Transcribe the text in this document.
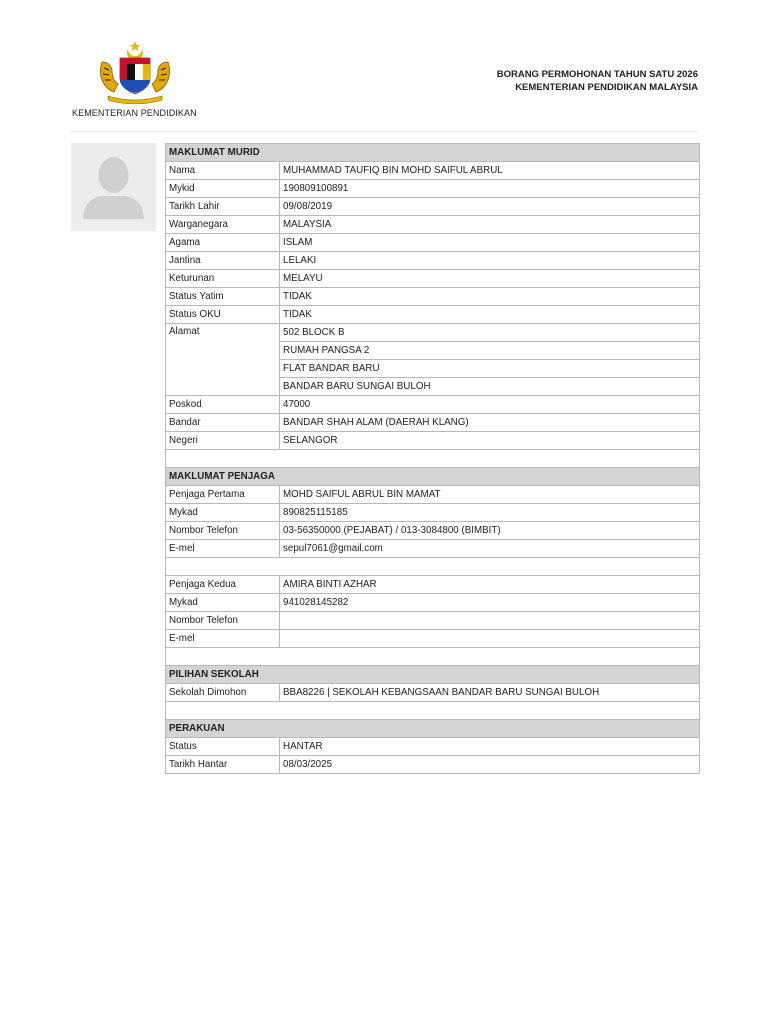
KEMENTERIAN PENDIDIKAN
BORANG PERMOHONAN TAHUN SATU 2026
KEMENTERIAN PENDIDIKAN MALAYSIA
MAKLUMAT MURID	
Nama	MUHAMMAD TAUFIQ BIN MOHD SAIFUL ABRUL
Mykid	190809100891
Tarikh Lahir	09/08/2019
Warganegara	MALAYSIA
Agama	ISLAM
Jantina	LELAKI
Keturunan	MELAYU
Status Yatim	TIDAK
Status OKU	TIDAK
Alamat	502 BLOCK B
	RUMAH PANGSA 2
	FLAT BANDAR BARU
	BANDAR BARU SUNGAI BULOH
Poskod	47000
Bandar	BANDAR SHAH ALAM (DAERAH KLANG)
Negeri	SELANGOR

MAKLUMAT PENJAGA	
Penjaga Pertama	MOHD SAIFUL ABRUL BIN MAMAT
Mykad	890825115185
Nombor Telefon	03-56350000 (PEJABAT) / 013-3084800 (BIMBIT)
E-mel	sepul7061@gmail.com

Penjaga Kedua	AMIRA BINTI AZHAR
Mykad	941028145282
Nombor Telefon	
E-mel	

PILIHAN SEKOLAH	
Sekolah Dimohon	BBA8226 | SEKOLAH KEBANGSAAN BANDAR BARU SUNGAI BULOH

PERAKUAN	
Status	HANTAR
Tarikh Hantar	08/03/2025
